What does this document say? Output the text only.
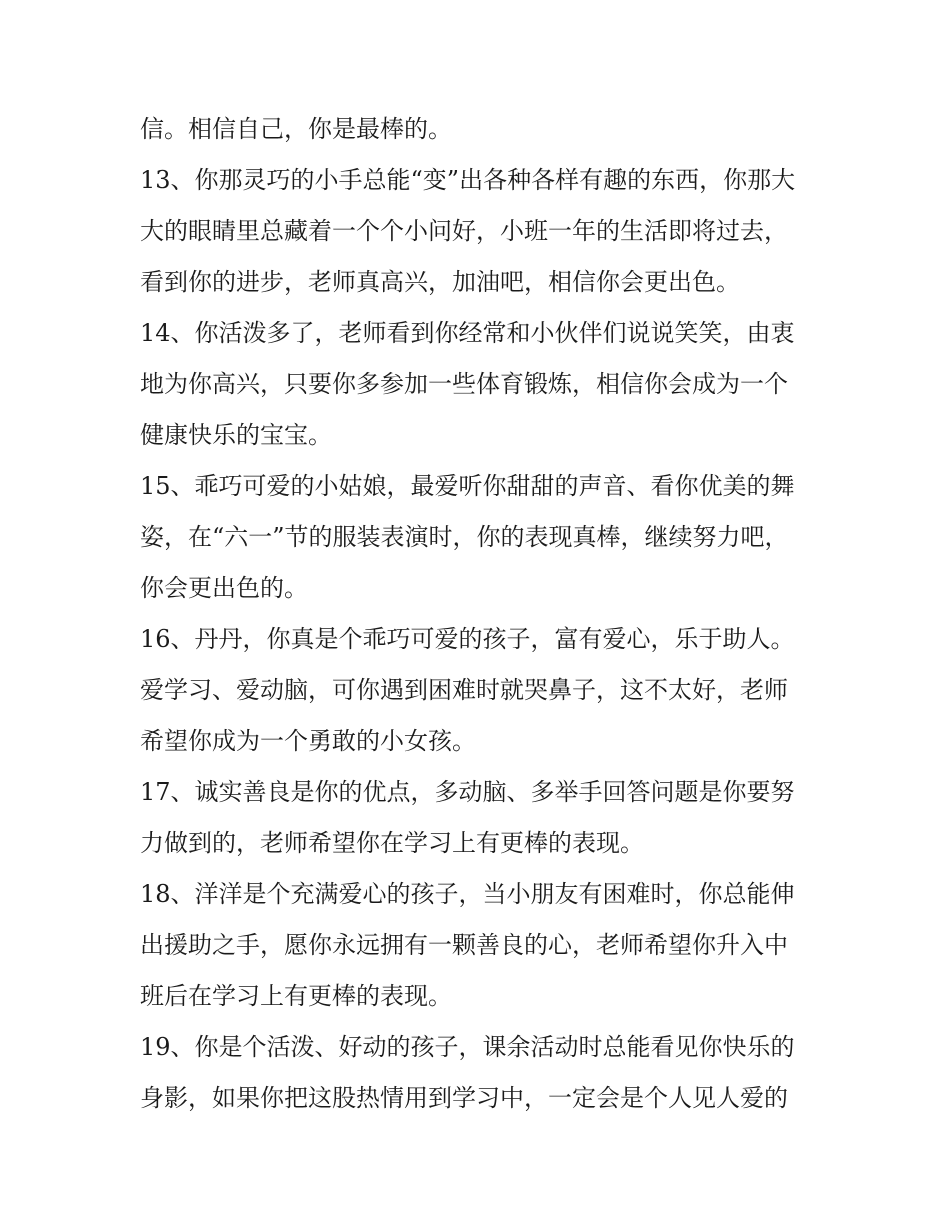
信。相信自己，你是最棒的。
13、你那灵巧的小手总能“变”出各种各样有趣的东西，你那大
大的眼睛里总藏着一个个小问好，小班一年的生活即将过去，
看到你的进步，老师真高兴，加油吧，相信你会更出色。
14、你活泼多了，老师看到你经常和小伙伴们说说笑笑，由衷
地为你高兴，只要你多参加一些体育锻炼，相信你会成为一个
健康快乐的宝宝。
15、乖巧可爱的小姑娘，最爱听你甜甜的声音、看你优美的舞
姿，在“六一”节的服装表演时，你的表现真棒，继续努力吧，
你会更出色的。
16、丹丹，你真是个乖巧可爱的孩子，富有爱心，乐于助人。
爱学习、爱动脑，可你遇到困难时就哭鼻子，这不太好，老师
希望你成为一个勇敢的小女孩。
17、诚实善良是你的优点，多动脑、多举手回答问题是你要努
力做到的，老师希望你在学习上有更棒的表现。
18、洋洋是个充满爱心的孩子，当小朋友有困难时，你总能伸
出援助之手，愿你永远拥有一颗善良的心，老师希望你升入中
班后在学习上有更棒的表现。
19、你是个活泼、好动的孩子，课余活动时总能看见你快乐的
身影，如果你把这股热情用到学习中，一定会是个人见人爱的
